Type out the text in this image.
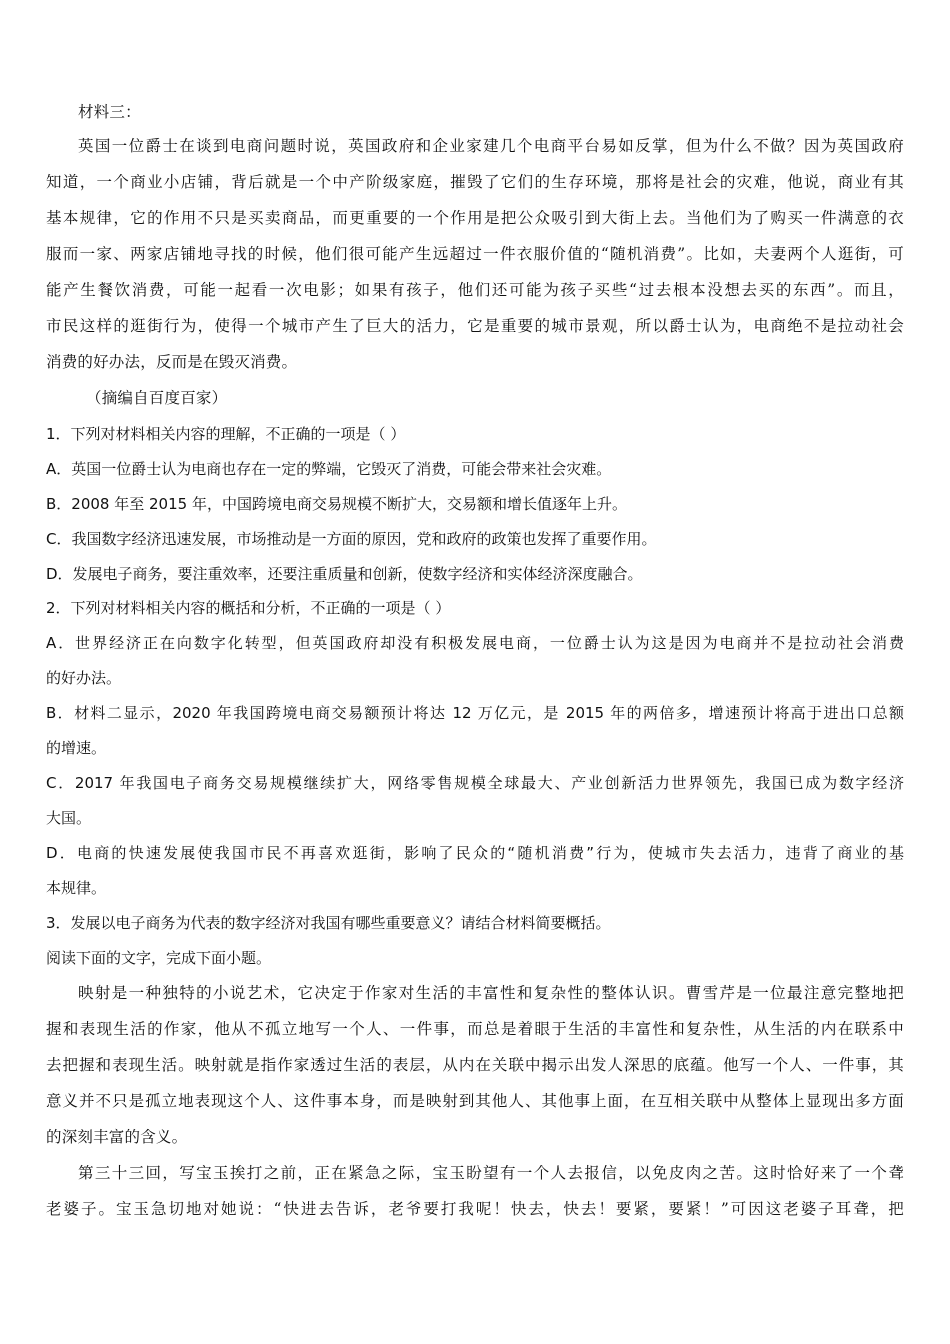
材料三：
英国一位爵士在谈到电商问题时说，英国政府和企业家建几个电商平台易如反掌，但为什么不做？因为英国政府
知道，一个商业小店铺，背后就是一个中产阶级家庭，摧毁了它们的生存环境，那将是社会的灾难，他说，商业有其
基本规律，它的作用不只是买卖商品，而更重要的一个作用是把公众吸引到大街上去。当他们为了购买一件满意的衣
服而一家、两家店铺地寻找的时候，他们很可能产生远超过一件衣服价值的“随机消费”。比如，夫妻两个人逛街，可
能产生餐饮消费，可能一起看一次电影；如果有孩子，他们还可能为孩子买些“过去根本没想去买的东西”。而且，
市民这样的逛街行为，使得一个城市产生了巨大的活力，它是重要的城市景观，所以爵士认为，电商绝不是拉动社会
消费的好办法，反而是在毁灭消费。
（摘编自百度百家）
1．下列对材料相关内容的理解，不正确的一项是（ ）
A．英国一位爵士认为电商也存在一定的弊端，它毁灭了消费，可能会带来社会灾难。
B．2008 年至 2015 年，中国跨境电商交易规模不断扩大，交易额和增长值逐年上升。
C．我国数字经济迅速发展，市场推动是一方面的原因，党和政府的政策也发挥了重要作用。
D．发展电子商务，要注重效率，还要注重质量和创新，使数字经济和实体经济深度融合。
2．下列对材料相关内容的概括和分析，不正确的一项是（ ）
A．世界经济正在向数字化转型，但英国政府却没有积极发展电商，一位爵士认为这是因为电商并不是拉动社会消费
的好办法。
B．材料二显示，2020 年我国跨境电商交易额预计将达 12 万亿元，是 2015 年的两倍多，增速预计将高于进出口总额
的增速。
C．2017 年我国电子商务交易规模继续扩大，网络零售规模全球最大、产业创新活力世界领先，我国已成为数字经济
大国。
D．电商的快速发展使我国市民不再喜欢逛街，影响了民众的“随机消费”行为，使城市失去活力，违背了商业的基
本规律。
3．发展以电子商务为代表的数字经济对我国有哪些重要意义？请结合材料简要概括。
阅读下面的文字，完成下面小题。
映射是一种独特的小说艺术，它决定于作家对生活的丰富性和复杂性的整体认识。曹雪芹是一位最注意完整地把
握和表现生活的作家，他从不孤立地写一个人、一件事，而总是着眼于生活的丰富性和复杂性，从生活的内在联系中
去把握和表现生活。映射就是指作家透过生活的表层，从内在关联中揭示出发人深思的底蕴。他写一个人、一件事，其
意义并不只是孤立地表现这个人、这件事本身，而是映射到其他人、其他事上面，在互相关联中从整体上显现出多方面
的深刻丰富的含义。
第三十三回，写宝玉挨打之前，正在紧急之际，宝玉盼望有一个人去报信，以免皮肉之苦。这时恰好来了一个聋
老婆子。宝玉急切地对她说：“快进去告诉，老爷要打我呢！快去，快去！要紧，要紧！”可因这老婆子耳聋，把
